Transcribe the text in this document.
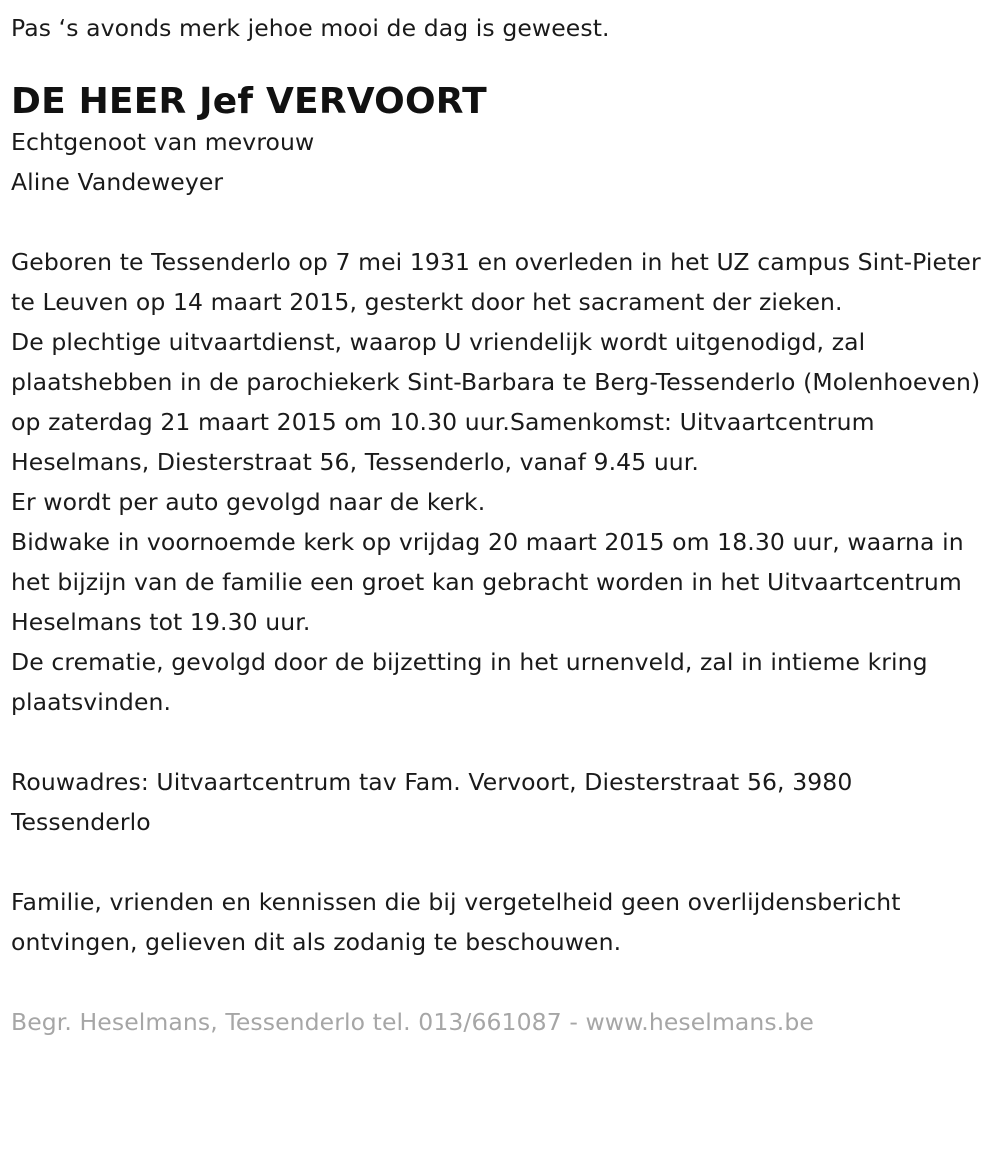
Pas ‘s avonds merk jehoe mooi de dag is geweest.

DE HEER Jef VERVOORT

Echtgenoot van mevrouw

Aline Vandeweyer

Geboren te Tessenderlo op 7 mei 1931 en overleden in het UZ campus Sint-Pieter te Leuven op 14 maart 2015, gesterkt door het sacrament der zieken.

De plechtige uitvaartdienst, waarop U vriendelijk wordt uitgenodigd, zal plaatshebben in de parochiekerk Sint-Barbara te Berg-Tessenderlo (Molenhoeven) op zaterdag 21 maart 2015 om 10.30 uur.Samenkomst: Uitvaartcentrum Heselmans, Diesterstraat 56, Tessenderlo, vanaf 9.45 uur.

Er wordt per auto gevolgd naar de kerk.

Bidwake in voornoemde kerk op vrijdag 20 maart 2015 om 18.30 uur, waarna in het bijzijn van de familie een groet kan gebracht worden in het Uitvaartcentrum Heselmans tot 19.30 uur.

De crematie, gevolgd door de bijzetting in het urnenveld, zal in intieme kring plaatsvinden.

Rouwadres: Uitvaartcentrum tav Fam. Vervoort, Diesterstraat 56, 3980 Tessenderlo

Familie, vrienden en kennissen die bij vergetelheid geen overlijdensbericht ontvingen, gelieven dit als zodanig te beschouwen.

Begr. Heselmans, Tessenderlo tel. 013/661087 - www.heselmans.be
